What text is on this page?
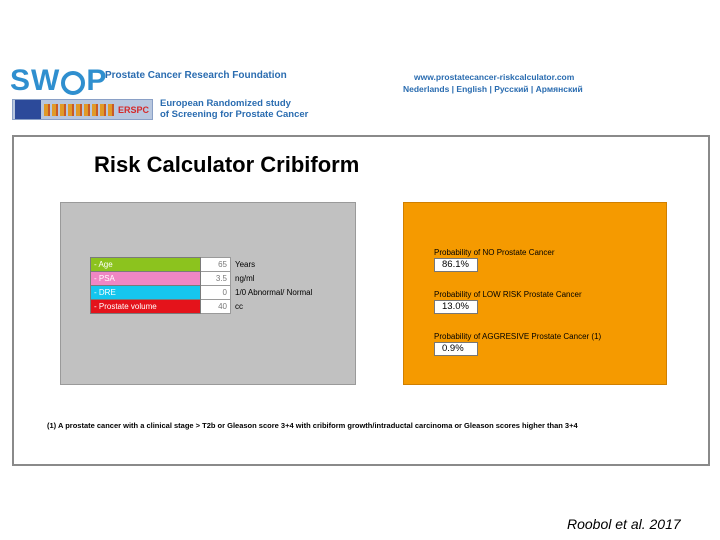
SW P
Prostate Cancer Research Foundation
ERSPC
European Randomized study
of Screening for Prostate Cancer
www.prostatecancer-riskcalculator.com
Nederlands | English | Русский | Армянский
Risk Calculator Cribiform
- Age	65	Years
- PSA	3.5	ng/ml
- DRE	0	1/0 Abnormal/ Normal
- Prostate volume	40	cc
Probability of NO Prostate Cancer
86.1%
Probability of LOW RISK Prostate Cancer
13.0%
Probability of AGGRESIVE Prostate Cancer (1)
0.9%
(1) A prostate cancer with a clinical stage > T2b or Gleason score 3+4 with cribiform growth/intraductal carcinoma or Gleason scores higher than 3+4
Roobol et al. 2017
